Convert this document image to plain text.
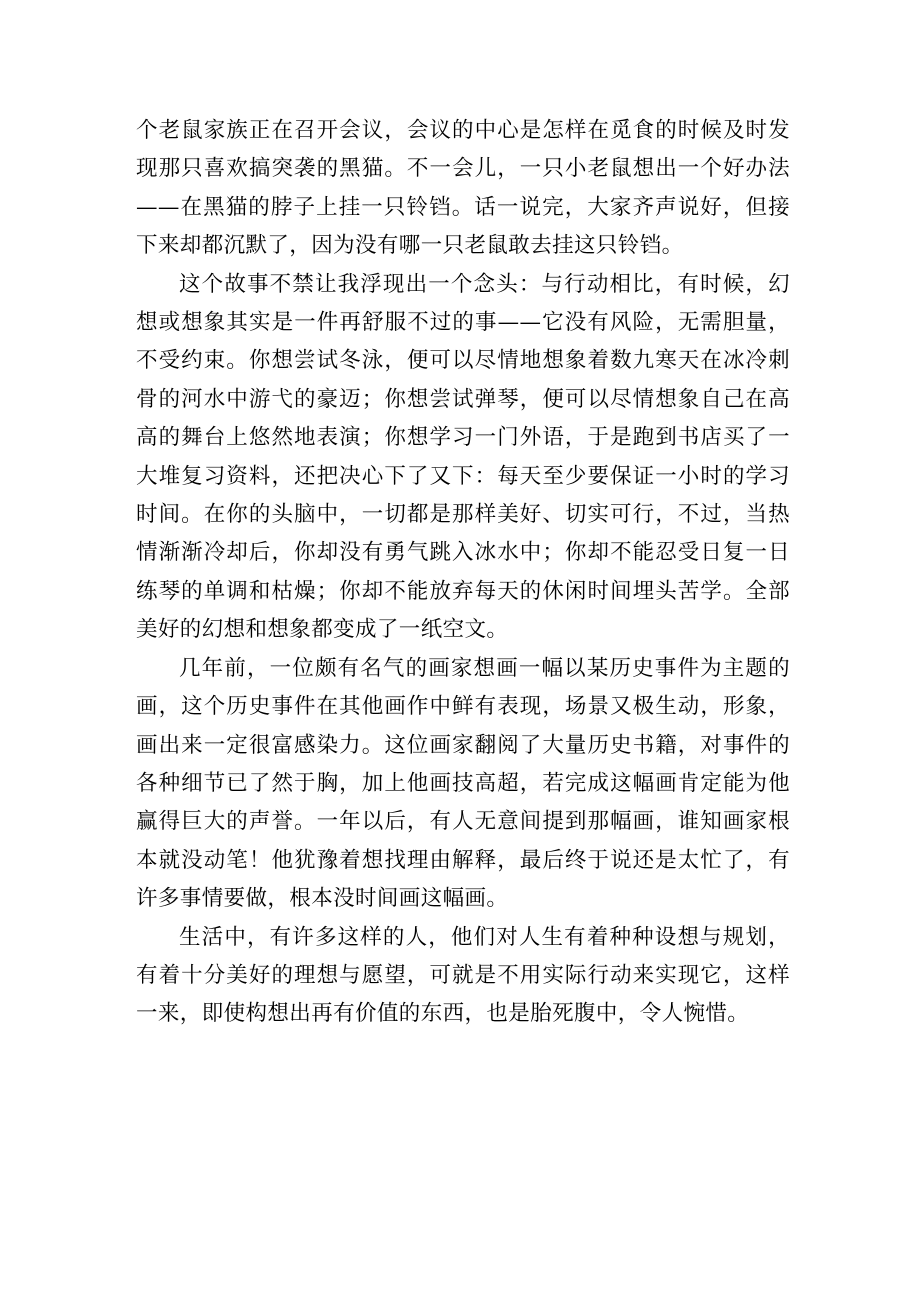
个老鼠家族正在召开会议，会议的中心是怎样在觅食的时候及时发现那只喜欢搞突袭的黑猫。不一会儿，一只小老鼠想出一个好办法——在黑猫的脖子上挂一只铃铛。话一说完，大家齐声说好，但接下来却都沉默了，因为没有哪一只老鼠敢去挂这只铃铛。

这个故事不禁让我浮现出一个念头：与行动相比，有时候，幻想或想象其实是一件再舒服不过的事——它没有风险，无需胆量，不受约束。你想尝试冬泳，便可以尽情地想象着数九寒天在冰冷刺骨的河水中游弋的豪迈；你想尝试弹琴，便可以尽情想象自己在高高的舞台上悠然地表演；你想学习一门外语，于是跑到书店买了一大堆复习资料，还把决心下了又下：每天至少要保证一小时的学习时间。在你的头脑中，一切都是那样美好、切实可行，不过，当热情渐渐冷却后，你却没有勇气跳入冰水中；你却不能忍受日复一日练琴的单调和枯燥；你却不能放弃每天的休闲时间埋头苦学。全部美好的幻想和想象都变成了一纸空文。

几年前，一位颇有名气的画家想画一幅以某历史事件为主题的画，这个历史事件在其他画作中鲜有表现，场景又极生动，形象，画出来一定很富感染力。这位画家翻阅了大量历史书籍，对事件的各种细节已了然于胸，加上他画技高超，若完成这幅画肯定能为他赢得巨大的声誉。一年以后，有人无意间提到那幅画，谁知画家根本就没动笔！他犹豫着想找理由解释，最后终于说还是太忙了，有许多事情要做，根本没时间画这幅画。

生活中，有许多这样的人，他们对人生有着种种设想与规划，有着十分美好的理想与愿望，可就是不用实际行动来实现它，这样一来，即使构想出再有价值的东西，也是胎死腹中，令人惋惜。
